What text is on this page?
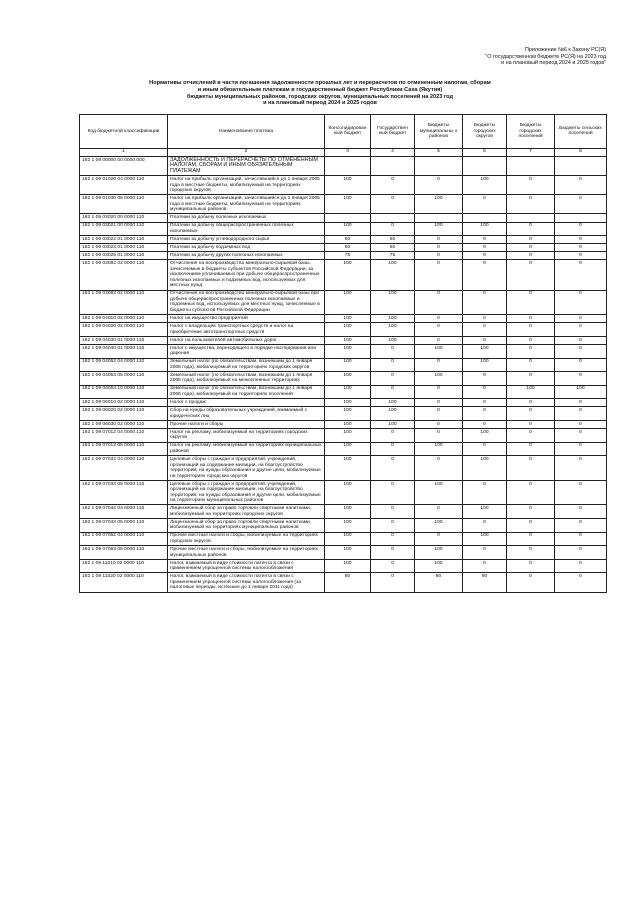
Приложение №6 к Закону РС(Я)
"О государственном бюджете РС(Я) на 2023 год
и на плановый период 2024 и 2025 годов"
Нормативы отчислений в части погашения задолженности прошлых лет и перерасчетов по отмененным налогам, сборам
и иным обязательным платежам в государственный бюджет Республики Саха (Якутия)
бюджеты муниципальных районов, городских округов, муниципальных поселений на 2023 год
и на плановый период 2024 и 2025 годов
Код бюджетной классификации	Наименование платежа	Консолидирован ный бюджет	Государствен ный бюджет	Бюджеты муниципальны х районов	Бюджеты городских округов	Бюджеты городских поселений	Бюджеты сельских поселений
1	2	3	4	5	6	7	8
182 1 09 00000 00 0000 000	ЗАДОЛЖЕННОСТЬ И ПЕРЕРАСЧЕТЫ ПО ОТМЕНЕННЫМ НАЛОГАМ, СБОРАМ И ИНЫМ ОБЯЗАТЕЛЬНЫМ ПЛАТЕЖАМ						
182 1 09 01020 04 0000 110	Налог на прибыль организаций, зачислявшийся до 1 января 2005 года в местные бюджеты, мобилизуемый на территориях городских округов	100	0	0	100	0	0
182 1 09 01030 05 0000 110	Налог на прибыль организаций, зачислявшийся до 1 января 2005 года в местные бюджеты, мобилизуемый на территориях муниципальных районов	100	0	100	0	0	0
182 1 09 03020 00 0000 110	Платежи за добычу полезных ископаемых						
182 1 09 03021 00 0000 110	Платежи за добычу общераспространенных полезных ископаемых	100	0	100	100	0	0
182 1 09 03022 01 0000 110	Платежи за добычу углеводородного сырья	60	60	0	0	0	0
182 1 09 03023 01 0000 110	Платежи за добычу подземных вод	60	60	0	0	0	0
182 1 09 03025 01 0000 110	Платежи за добычу других полезных ископаемых	75	75	0	0	0	0
182 1 09 03082 02 0000 110	Отчисления на воспроизводство минерально-сырьевой базы, зачисляемые в бюджеты субъектов Российской Федерации, за исключением уплачиваемых при добыче общераспространенных полезных ископаемых и подземных вод, используемых для местных нужд	100	100	0	0	0	0
182 1 09 03083 02 0000 110	Отчисления на воспроизводство минерально-сырьевой базы при добыче общераспространенных полезных ископаемых и подземных вод, используемых для местных нужд, зачисляемые в бюджеты субъектов Российской Федерации	100	100	0	0	0	0
182 1 09 04010 02 0000 110	Налог на имущество предприятий	100	100	0	0	0	0
182 1 09 04020 02 0000 110	Налог с владельцев транспортных средств и налог на приобретение автотранспортных средств	100	100	0	0	0	0
182 1 09 04030 01 0000 110	Налог на пользователей автомобильных дорог	100	100	0	0	0	0
182 1 09 04040 01 0000 110	Налог с имущества, переходящего в порядке наследования или дарения	100	0	100	100	0	0
182 1 09 04052 04 0000 110	Земельный налог (по обязательствам, возникшим до 1 января 2006 года), мобилизуемый на территориях городских округов	100	0	0	100	0	0
182 1 09 04053 05 0000 110	Земельный налог (по обязательствам, возникшим до 1 января 2006 года), мобилизуемый на межселенных территориях	100	0	100	0	0	0
182 1 09 04053 10 0000 110	Земельный налог (по обязательствам, возникшим до 1 января 2006 года), мобилизуемый на территориях поселений	100	0	0	0	100	100
182 1 09 06010 02 0000 110	Налог с продаж	100	100	0	0	0	0
182 1 09 06020 02 0000 110	Сбор на нужды образовательных учреждений, взимаемый с юридических лиц	100	100	0	0	0	0
182 1 09 06030 02 0000 110	Прочие налоги и сборы	100	100	0	0	0	0
182 1 09 07012 04 0000 110	Налог на рекламу, мобилизуемый на территориях городских округов	100	0	0	100	0	0
182 1 09 07013 05 0000 110	Налог на рекламу, мобилизуемый на территориях муниципальных районов	100	0	100	0	0	0
182 1 09 07032 04 0000 110	Целевые сборы с граждан и предприятий, учреждений, организаций на содержание милиции, на благоустройство территорий, на нужды образования и другие цели, мобилизуемые на территориях городских округов	100	0	0	100	0	0
182 1 09 07033 05 0000 110	Целевые сборы с граждан и предприятий, учреждений, организаций на содержание милиции, на благоустройство территорий, на нужды образования и другие цели, мобилизуемые на территориях муниципальных районов	100	0	100	0	0	0
182 1 09 07042 04 0000 110	Лицензионный сбор за право торговли спиртными напитками, мобилизуемый на территориях городских округов	100	0	0	100	0	0
182 1 09 07043 05 0000 110	Лицензионный сбор за право торговли спиртными напитками, мобилизуемый на территориях муниципальных районов	100	0	100	0	0	0
182 1 09 07052 04 0000 110	Прочие местные налоги и сборы, мобилизуемые на территориях городских округов	100	0	0	100	0	0
182 1 09 07053 05 0000 110	Прочие местные налоги и сборы, мобилизуемые на территориях муниципальных районов	100	0	100	0	0	0
182 1 09 11010 02 0000 110	Налог, взимаемый в виде стоимости патента в связи с применением упрощенной системы налогообложения	100	0	100	0	0	0
182 1 09 11020 02 0000 110	Налог, взимаемый в виде стоимости патента в связи с применением упрощенной системы налогообложения (за налоговые периоды, истекшие до 1 января 2011 года)	80	0	90	90	0	0
